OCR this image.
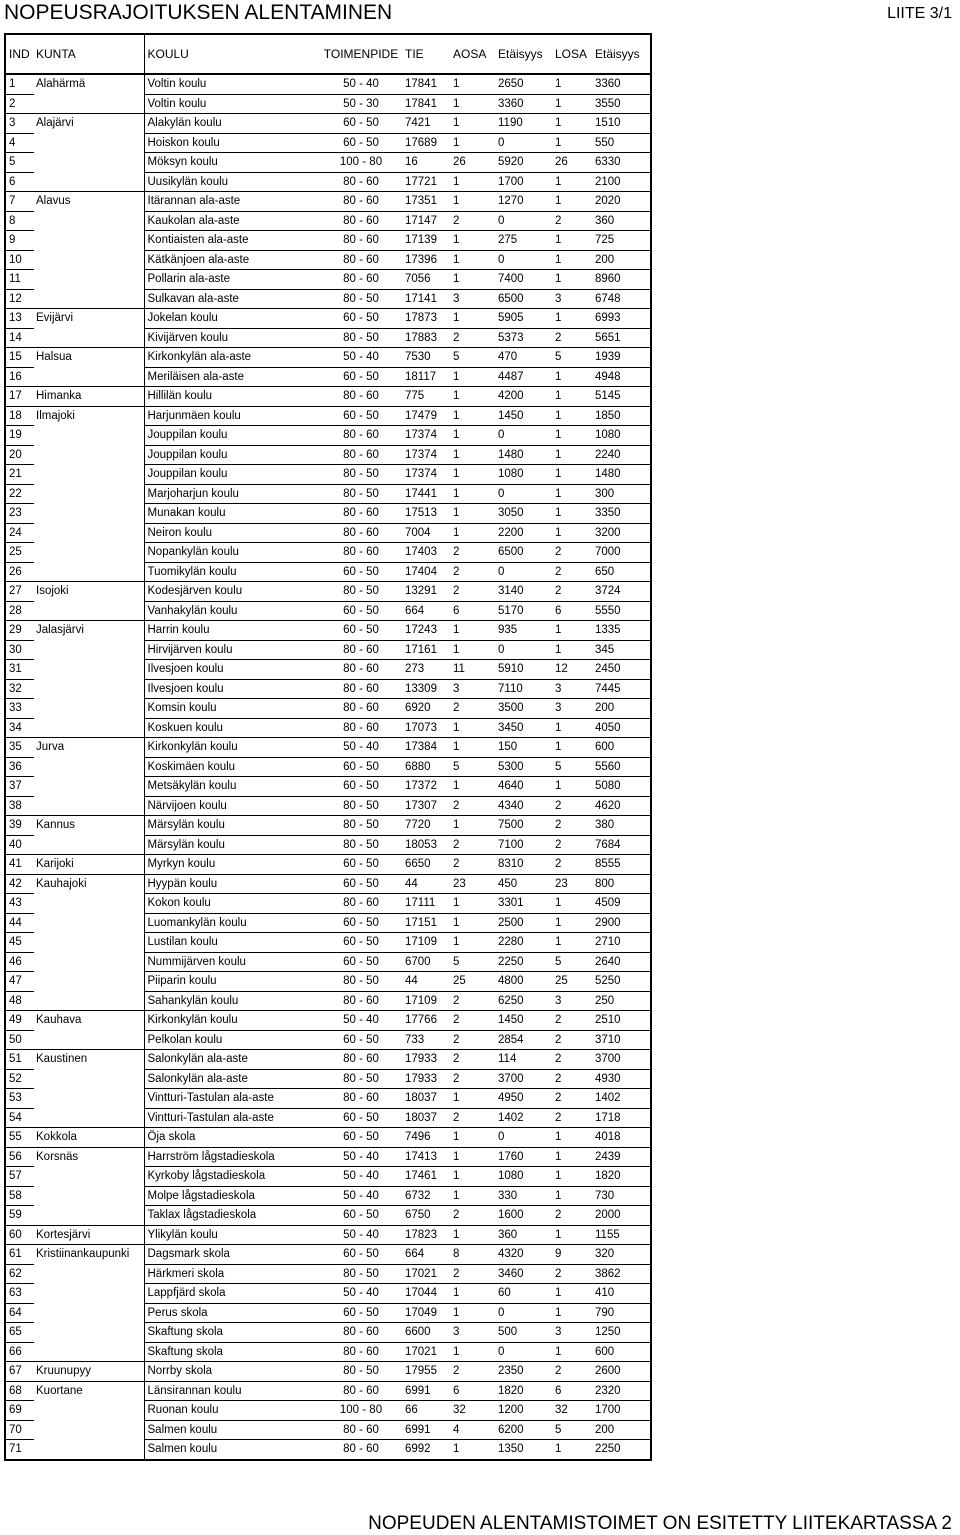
NOPEUSRAJOITUKSEN ALENTAMINEN	LIITE 3/1
IND	KUNTA	KOULU	TOIMENPIDE	TIE	AOSA	Etäisyys	LOSA	Etäisyys
1	Alahärmä	Voltin koulu	50 - 40	17841	1	2650	1	3360
2		Voltin koulu	50 - 30	17841	1	3360	1	3550
3	Alajärvi	Alakylän koulu	60 - 50	7421	1	1190	1	1510
4		Hoiskon koulu	60 - 50	17689	1	0	1	550
5		Möksyn koulu	100 - 80	16	26	5920	26	6330
6		Uusikylän koulu	80 - 60	17721	1	1700	1	2100
7	Alavus	Itärannan ala-aste	80 - 60	17351	1	1270	1	2020
8		Kaukolan ala-aste	80 - 60	17147	2	0	2	360
9		Kontiaisten ala-aste	80 - 60	17139	1	275	1	725
10		Kätkänjoen ala-aste	80 - 60	17396	1	0	1	200
11		Pollarin ala-aste	80 - 60	7056	1	7400	1	8960
12		Sulkavan ala-aste	80 - 50	17141	3	6500	3	6748
13	Evijärvi	Jokelan koulu	60 - 50	17873	1	5905	1	6993
14		Kivijärven koulu	80 - 50	17883	2	5373	2	5651
15	Halsua	Kirkonkylän ala-aste	50 - 40	7530	5	470	5	1939
16		Meriläisen ala-aste	60 - 50	18117	1	4487	1	4948
17	Himanka	Hillilän koulu	80 - 60	775	1	4200	1	5145
18	Ilmajoki	Harjunmäen koulu	60 - 50	17479	1	1450	1	1850
19		Jouppilan koulu	80 - 60	17374	1	0	1	1080
20		Jouppilan koulu	80 - 60	17374	1	1480	1	2240
21		Jouppilan koulu	80 - 50	17374	1	1080	1	1480
22		Marjoharjun koulu	80 - 50	17441	1	0	1	300
23		Munakan koulu	80 - 60	17513	1	3050	1	3350
24		Neiron koulu	80 - 60	7004	1	2200	1	3200
25		Nopankylän koulu	80 - 60	17403	2	6500	2	7000
26		Tuomikylän koulu	60 - 50	17404	2	0	2	650
27	Isojoki	Kodesjärven koulu	80 - 50	13291	2	3140	2	3724
28		Vanhakylän koulu	60 - 50	664	6	5170	6	5550
29	Jalasjärvi	Harrin koulu	60 - 50	17243	1	935	1	1335
30		Hirvijärven koulu	80 - 60	17161	1	0	1	345
31		Ilvesjoen koulu	80 - 60	273	11	5910	12	2450
32		Ilvesjoen koulu	80 - 60	13309	3	7110	3	7445
33		Komsin koulu	80 - 60	6920	2	3500	3	200
34		Koskuen koulu	80 - 60	17073	1	3450	1	4050
35	Jurva	Kirkonkylän koulu	50 - 40	17384	1	150	1	600
36		Koskimäen koulu	60 - 50	6880	5	5300	5	5560
37		Metsäkylän koulu	60 - 50	17372	1	4640	1	5080
38		Närvijoen koulu	80 - 50	17307	2	4340	2	4620
39	Kannus	Märsylän koulu	80 - 50	7720	1	7500	2	380
40		Märsylän koulu	80 - 50	18053	2	7100	2	7684
41	Karijoki	Myrkyn koulu	60 - 50	6650	2	8310	2	8555
42	Kauhajoki	Hyypän koulu	60 - 50	44	23	450	23	800
43		Kokon koulu	80 - 60	17111	1	3301	1	4509
44		Luomankylän koulu	60 - 50	17151	1	2500	1	2900
45		Lustilan koulu	60 - 50	17109	1	2280	1	2710
46		Nummijärven koulu	60 - 50	6700	5	2250	5	2640
47		Piiparin koulu	80 - 50	44	25	4800	25	5250
48		Sahankylän koulu	80 - 60	17109	2	6250	3	250
49	Kauhava	Kirkonkylän koulu	50 - 40	17766	2	1450	2	2510
50		Pelkolan koulu	60 - 50	733	2	2854	2	3710
51	Kaustinen	Salonkylän ala-aste	80 - 60	17933	2	114	2	3700
52		Salonkylän ala-aste	80 - 50	17933	2	3700	2	4930
53		Vintturi-Tastulan ala-aste	80 - 60	18037	1	4950	2	1402
54		Vintturi-Tastulan ala-aste	60 - 50	18037	2	1402	2	1718
55	Kokkola	Öja skola	60 - 50	7496	1	0	1	4018
56	Korsnäs	Harrström lågstadieskola	50 - 40	17413	1	1760	1	2439
57		Kyrkoby lågstadieskola	50 - 40	17461	1	1080	1	1820
58		Molpe lågstadieskola	50 - 40	6732	1	330	1	730
59		Taklax lågstadieskola	60 - 50	6750	2	1600	2	2000
60	Kortesjärvi	Ylikylän koulu	50 - 40	17823	1	360	1	1155
61	Kristiinankaupunki	Dagsmark skola	60 - 50	664	8	4320	9	320
62		Härkmeri skola	80 - 50	17021	2	3460	2	3862
63		Lappfjärd skola	50 - 40	17044	1	60	1	410
64		Perus skola	60 - 50	17049	1	0	1	790
65		Skaftung skola	80 - 60	6600	3	500	3	1250
66		Skaftung skola	80 - 60	17021	1	0	1	600
67	Kruunupyy	Norrby skola	80 - 50	17955	2	2350	2	2600
68	Kuortane	Länsirannan koulu	80 - 60	6991	6	1820	6	2320
69		Ruonan koulu	100 - 80	66	32	1200	32	1700
70		Salmen koulu	80 - 60	6991	4	6200	5	200
71		Salmen koulu	80 - 60	6992	1	1350	1	2250
NOPEUDEN ALENTAMISTOIMET ON ESITETTY LIITEKARTASSA 2
